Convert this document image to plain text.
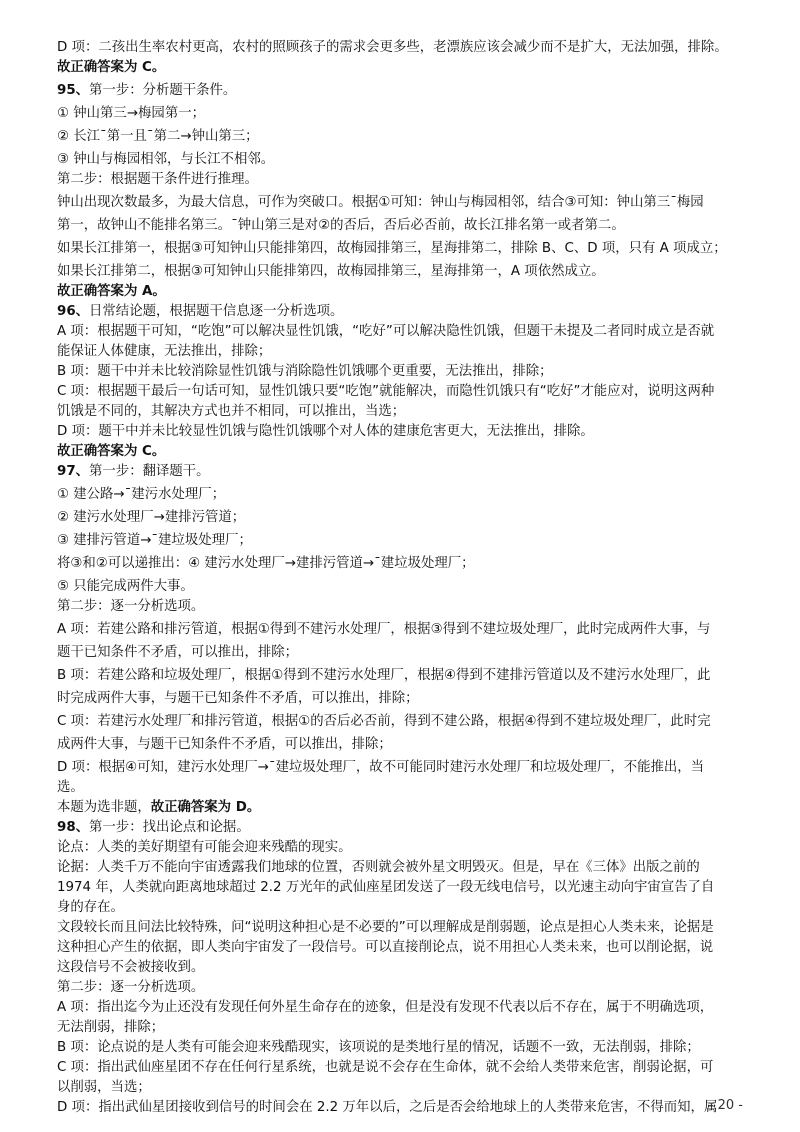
D 项：二孩出生率农村更高，农村的照顾孩子的需求会更多些，老漂族应该会减少而不是扩大，无法加强，排除。

故正确答案为 C。

95、第一步：分析题干条件。

① 钟山第三→梅园第一；

② 长江¯第一且¯第二→钟山第三；

③ 钟山与梅园相邻，与长江不相邻。

第二步：根据题干条件进行推理。

钟山出现次数最多，为最大信息，可作为突破口。根据①可知：钟山与梅园相邻，结合③可知：钟山第三¯梅园

第一，故钟山不能排名第三。¯钟山第三是对②的否后，否后必否前，故长江排名第一或者第二。

如果长江排第一，根据③可知钟山只能排第四，故梅园排第三，星海排第二，排除 B、C、D 项，只有 A 项成立；

如果长江排第二，根据③可知钟山只能排第四，故梅园排第三，星海排第一，A 项依然成立。

故正确答案为 A。

96、日常结论题，根据题干信息逐一分析选项。

A 项：根据题干可知，“吃饱”可以解决显性饥饿，“吃好”可以解决隐性饥饿，但题干未提及二者同时成立是否就

能保证人体健康，无法推出，排除；

B 项：题干中并未比较消除显性饥饿与消除隐性饥饿哪个更重要，无法推出，排除；

C 项：根据题干最后一句话可知，显性饥饿只要“吃饱”就能解决，而隐性饥饿只有“吃好”才能应对，说明这两种

饥饿是不同的，其解决方式也并不相同，可以推出，当选；

D 项：题干中并未比较显性饥饿与隐性饥饿哪个对人体的建康危害更大，无法推出，排除。

故正确答案为 C。

97、第一步：翻译题干。

① 建公路→¯建污水处理厂；

② 建污水处理厂→建排污管道；

③ 建排污管道→¯建垃圾处理厂；

将③和②可以递推出：④ 建污水处理厂→建排污管道→¯建垃圾处理厂；

⑤ 只能完成两件大事。

第二步：逐一分析选项。

A 项：若建公路和排污管道，根据①得到不建污水处理厂，根据③得到不建垃圾处理厂，此时完成两件大事，与

题干已知条件不矛盾，可以推出，排除；

B 项：若建公路和垃圾处理厂，根据①得到不建污水处理厂，根据④得到不建排污管道以及不建污水处理厂，此

时完成两件大事，与题干已知条件不矛盾，可以推出，排除；

C 项：若建污水处理厂和排污管道，根据①的否后必否前，得到不建公路，根据④得到不建垃圾处理厂，此时完

成两件大事，与题干已知条件不矛盾，可以推出，排除；

D 项：根据④可知，建污水处理厂→¯建垃圾处理厂，故不可能同时建污水处理厂和垃圾处理厂，不能推出，当

选。

本题为选非题，故正确答案为 D。

98、第一步：找出论点和论据。

论点：人类的美好期望有可能会迎来残酷的现实。

论据：人类千万不能向宇宙透露我们地球的位置，否则就会被外星文明毁灭。但是，早在《三体》出版之前的

1974 年，人类就向距离地球超过 2.2 万光年的武仙座星团发送了一段无线电信号，以光速主动向宇宙宣告了自

身的存在。

文段较长而且问法比较特殊，问“说明这种担心是不必要的”可以理解成是削弱题，论点是担心人类未来，论据是

这种担心产生的依据，即人类向宇宙发了一段信号。可以直接削论点，说不用担心人类未来，也可以削论据，说

这段信号不会被接收到。

第二步：逐一分析选项。

A 项：指出迄今为止还没有发现任何外星生命存在的迹象，但是没有发现不代表以后不存在，属于不明确选项，

无法削弱，排除；

B 项：论点说的是人类有可能会迎来残酷现实，该项说的是类地行星的情况，话题不一致，无法削弱，排除；

C 项：指出武仙座星团不存在任何行星系统，也就是说不会存在生命体，就不会给人类带来危害，削弱论据，可

以削弱，当选；

D 项：指出武仙星团接收到信号的时间会在 2.2 万年以后，之后是否会给地球上的人类带来危害，不得而知，属

- 20 -
